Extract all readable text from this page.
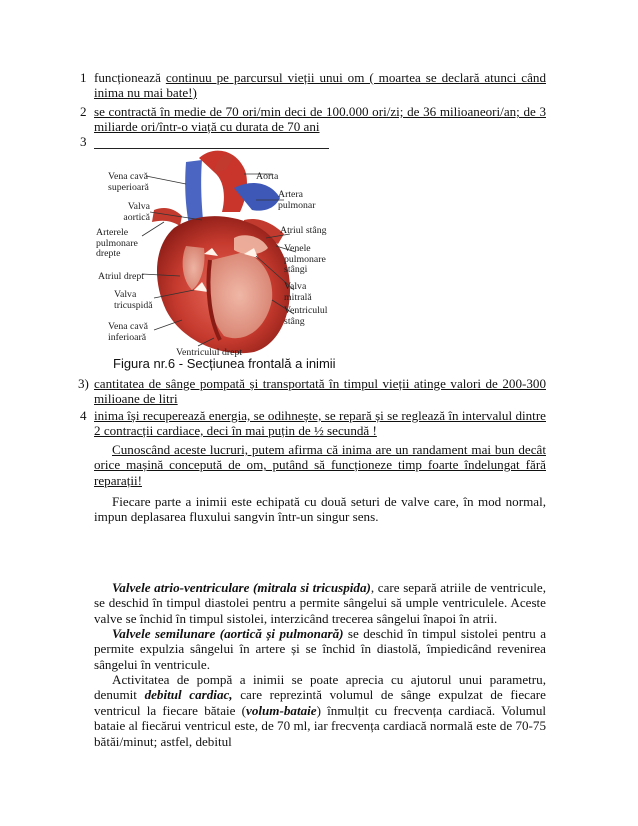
1 funcționează continuu pe parcursul vieții unui om ( moartea se declară atunci când inima nu mai bate!)
2 se contractă în medie de 70 ori/min deci de 100.000 ori/zi; de 36 milioaneori/an; de 3 miliarde ori/într-o viață cu durata de 70 ani
3
Vena cavă superioară
Valva aortică
Arterele pulmonare drepte
Atriul drept
Valva tricuspidă
Vena cavă inferioară
Ventriculul drept
Aorta
Artera pulmonar
Atriul stâng
Venele pulmonare stângi
Valva mitrală
Ventriculul stâng
Figura nr.6 - Secțiunea frontală a inimii
3) cantitatea de sânge pompată și transportată în timpul vieții atinge valori de 200-300 milioane de litri
4 inima își recuperează energia, se odihnește, se repară și se reglează în intervalul dintre 2 contracții cardiace, deci în mai puțin de ½ secundă !
Cunoscând aceste lucruri, putem afirma că inima are un randament mai bun decât orice mașină concepută de om, putând să funcționeze timp foarte îndelungat fără reparații!
Fiecare parte a inimii este echipată cu două seturi de valve care, în mod normal, impun deplasarea fluxului sangvin într-un singur sens.
Valvele atrio-ventriculare (mitrala si tricuspida), care separă atriile de ventricule, se deschid în timpul diastolei pentru a permite sângelui să umple ventriculele. Aceste valve se închid în timpul sistolei, interzicând trecerea sângelui înapoi în atrii.
Valvele semilunare (aortică și pulmonară) se deschid în timpul sistolei pentru a permite expulzia sângelui în artere și se închid în diastolă, împiedicând revenirea sângelui în ventricule.
Activitatea de pompă a inimii se poate aprecia cu ajutorul unui parametru, denumit debitul cardiac, care reprezintă volumul de sânge expulzat de fiecare ventricul la fiecare bătaie (volum-bataie) înmulțit cu frecvența cardiacă. Volumul bataie al fiecărui ventricul este, de 70 ml, iar frecvența cardiacă normală este de 70-75 bătăi/minut; astfel, debitul
